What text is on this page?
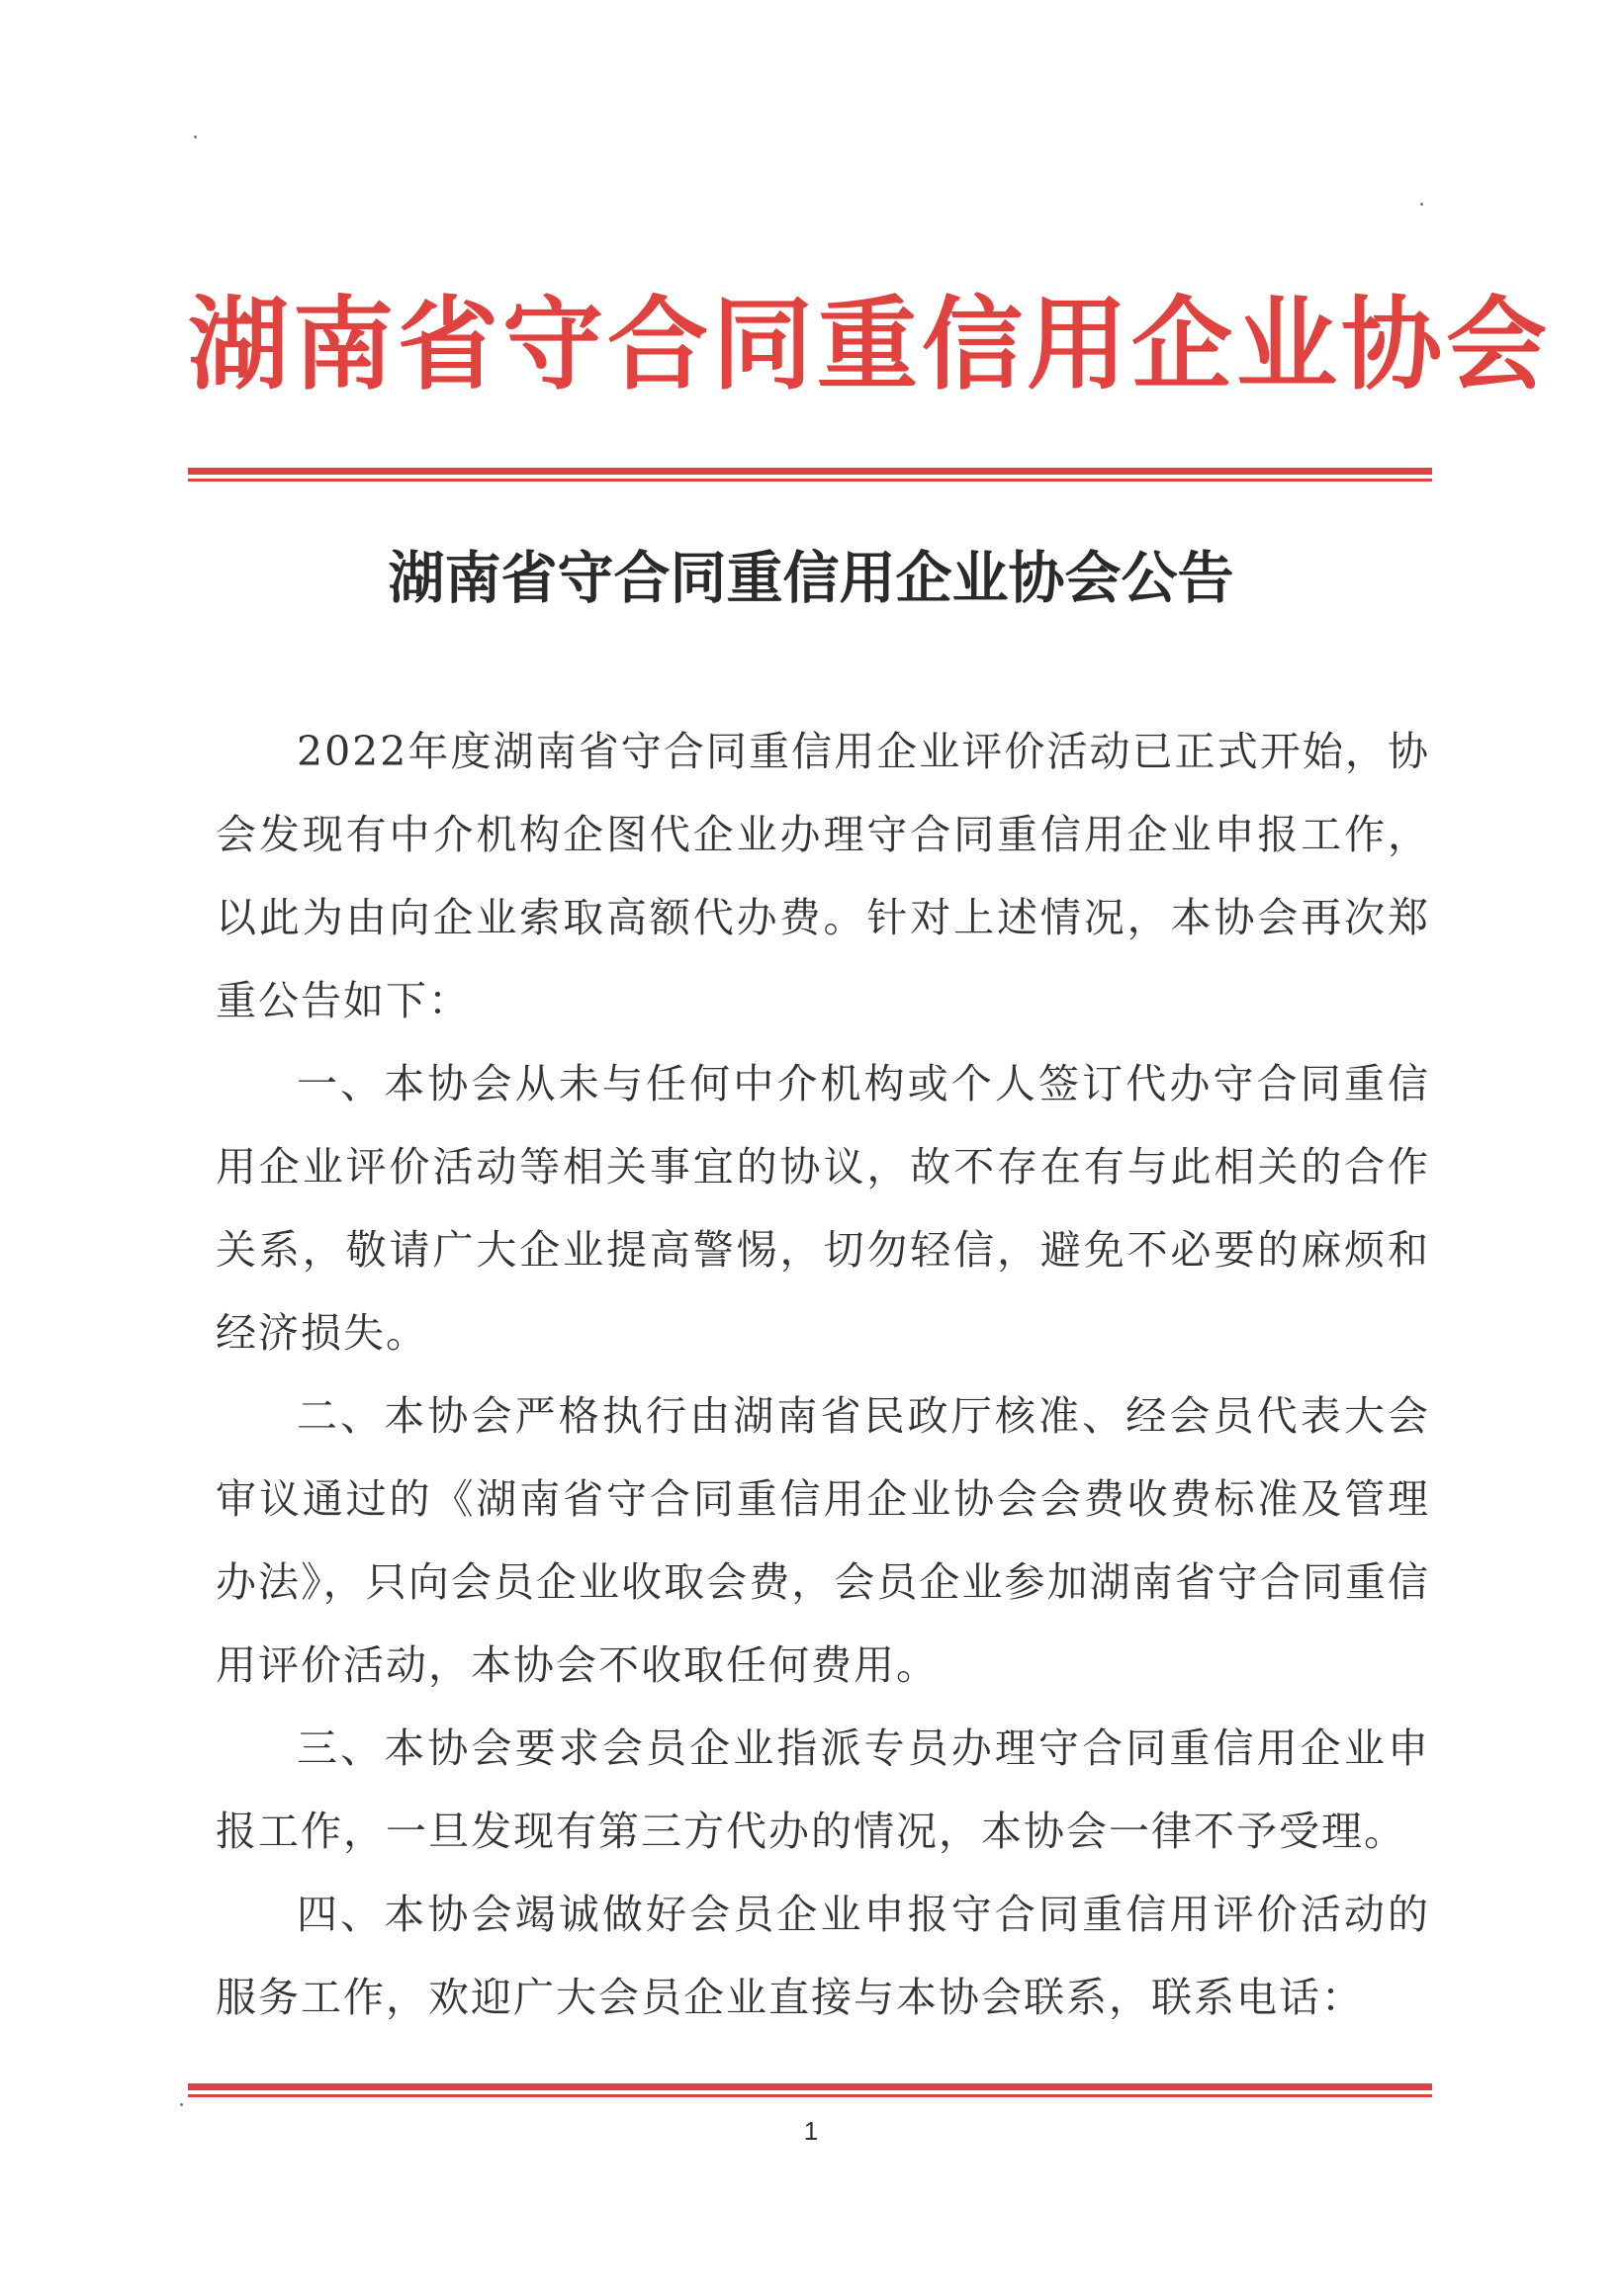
湖南省守合同重信用企业协会
湖南省守合同重信用企业协会公告

2022年度湖南省守合同重信用企业评价活动已正式开始，协会发现有中介机构企图代企业办理守合同重信用企业申报工作，以此为由向企业索取高额代办费。针对上述情况，本协会再次郑重公告如下：

一、本协会从未与任何中介机构或个人签订代办守合同重信用企业评价活动等相关事宜的协议，故不存在有与此相关的合作关系，敬请广大企业提高警惕，切勿轻信，避免不必要的麻烦和经济损失。

二、本协会严格执行由湖南省民政厅核准、经会员代表大会审议通过的《湖南省守合同重信用企业协会会费收费标准及管理办法》，只向会员企业收取会费，会员企业参加湖南省守合同重信用评价活动，本协会不收取任何费用。

三、本协会要求会员企业指派专员办理守合同重信用企业申报工作，一旦发现有第三方代办的情况，本协会一律不予受理。

四、本协会竭诚做好会员企业申报守合同重信用评价活动的服务工作，欢迎广大会员企业直接与本协会联系，联系电话：

1
